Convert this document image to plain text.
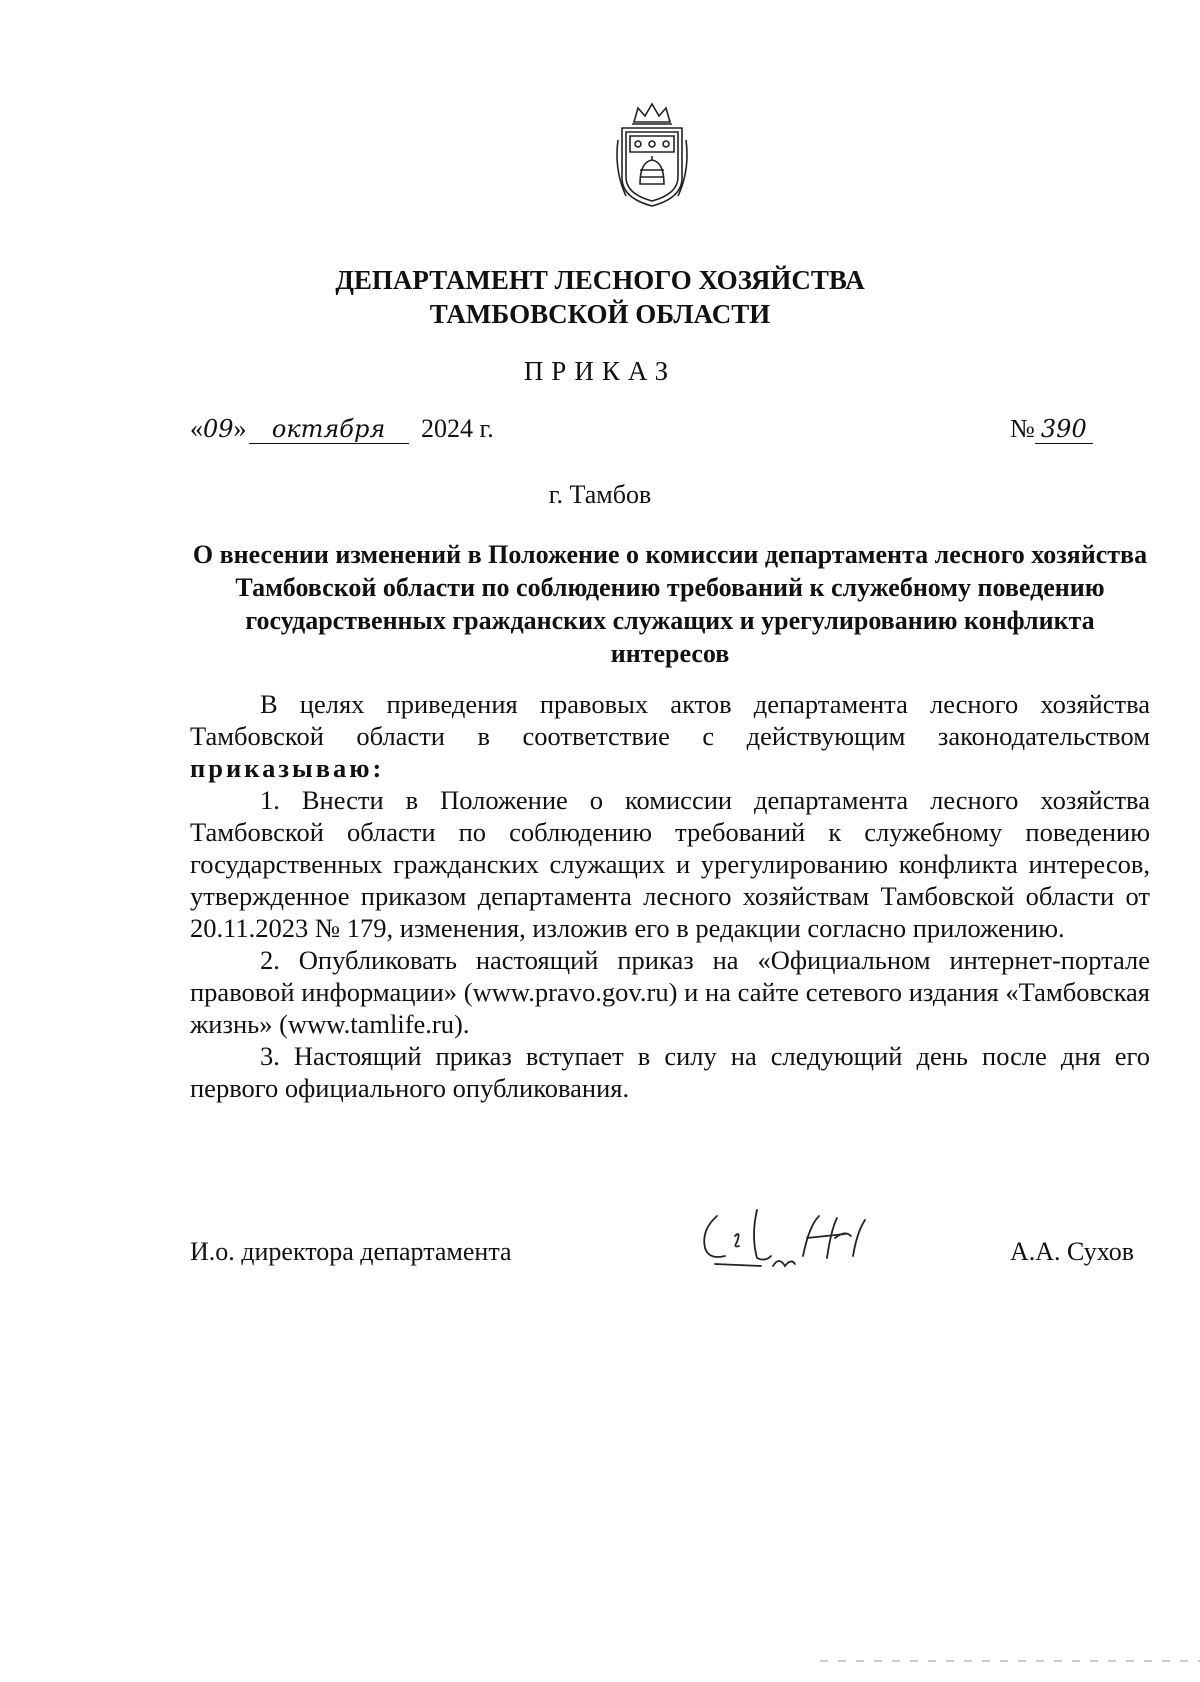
ДЕПАРТАМЕНТ ЛЕСНОГО ХОЗЯЙСТВА
ТАМБОВСКОЙ ОБЛАСТИ
ПРИКАЗ
«09» октября 2024 г.	№ 390
г. Тамбов
О внесении изменений в Положение о комиссии департамента лесного хозяйства Тамбовской области по соблюдению требований к служебному поведению государственных гражданских служащих и урегулированию конфликта интересов

В целях приведения правовых актов департамента лесного хозяйства Тамбовской области в соответствие с действующим законодательством приказываю:

1. Внести в Положение о комиссии департамента лесного хозяйства Тамбовской области по соблюдению требований к служебному поведению государственных гражданских служащих и урегулированию конфликта интересов, утвержденное приказом департамента лесного хозяйствам Тамбовской области от 20.11.2023 № 179, изменения, изложив его в редакции согласно приложению.

2. Опубликовать настоящий приказ на «Официальном интернет-портале правовой информации» (www.pravo.gov.ru) и на сайте сетевого издания «Тамбовская жизнь» (www.tamlife.ru).

3. Настоящий приказ вступает в силу на следующий день после дня его первого официального опубликования.

И.о. директора департамента	А.А. Сухов
